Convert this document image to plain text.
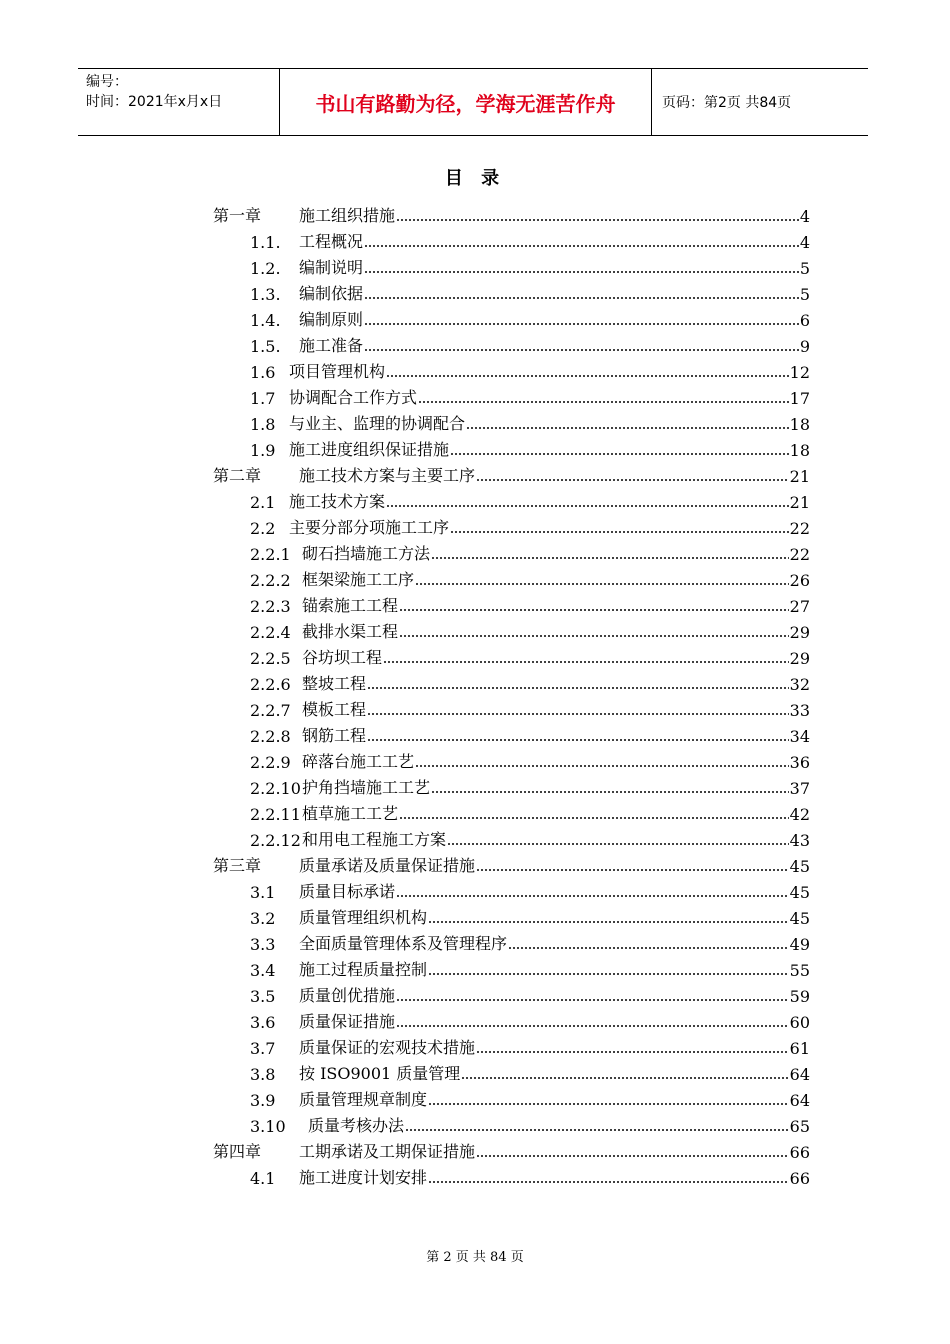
编号：
时间：2021年x月x日	书山有路勤为径，学海无涯苦作舟	页码：第2页 共84页
目 录
第一章	施工组织措施	4
1.1.	工程概况	4
1.2.	编制说明	5
1.3.	编制依据	5
1.4.	编制原则	6
1.5.	施工准备	9
1.6 项目管理机构	12
1.7 协调配合工作方式	17
1.8 与业主、监理的协调配合	18
1.9 施工进度组织保证措施	18
第二章	施工技术方案与主要工序	21
2.1 施工技术方案	21
2.2 主要分部分项施工工序	22
2.2.1 砌石挡墙施工方法	22
2.2.2 框架梁施工工序	26
2.2.3 锚索施工工程	27
2.2.4 截排水渠工程	29
2.2.5 谷坊坝工程	29
2.2.6 整坡工程	32
2.2.7 模板工程	33
2.2.8 钢筋工程	34
2.2.9 碎落台施工工艺	36
2.2.10 护角挡墙施工工艺	37
2.2.11 植草施工工艺	42
2.2.12 和用电工程施工方案	43
第三章	质量承诺及质量保证措施	45
3.1	质量目标承诺	45
3.2	质量管理组织机构	45
3.3	全面质量管理体系及管理程序	49
3.4	施工过程质量控制	55
3.5	质量创优措施	59
3.6	质量保证措施	60
3.7	质量保证的宏观技术措施	61
3.8	按 ISO9001 质量管理	64
3.9	质量管理规章制度	64
3.10	质量考核办法	65
第四章	工期承诺及工期保证措施	66
4.1	施工进度计划安排	66
第 2 页 共 84 页
